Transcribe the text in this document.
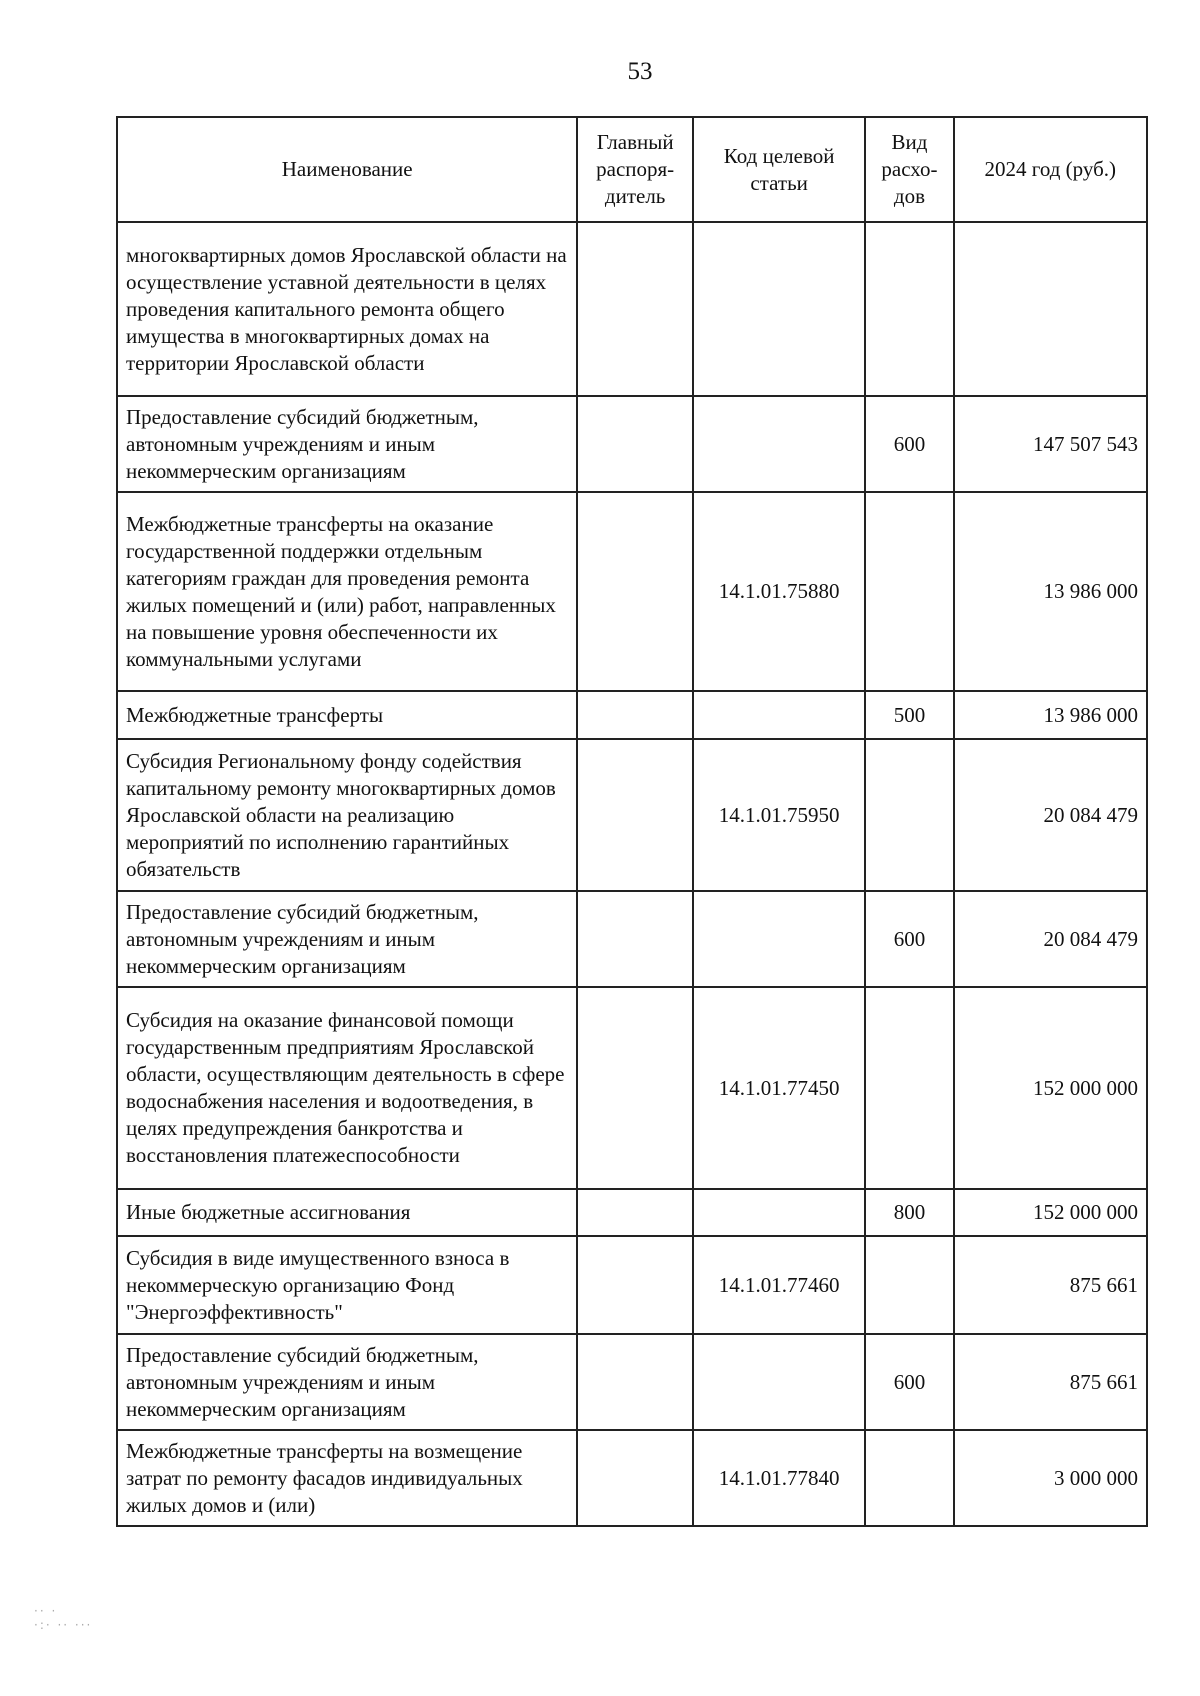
53
Наименование	Главный распоря-дитель	Код целевой статьи	Вид расхо-дов	2024 год (руб.)
многоквартирных домов Ярославской области на осуществление уставной деятельности в целях проведения капитального ремонта общего имущества в многоквартирных домах на территории Ярославской области				
Предоставление субсидий бюджетным, автономным учреждениям и иным некоммерческим организациям			600	147 507 543
Межбюджетные трансферты на оказание государственной поддержки отдельным категориям граждан для проведения ремонта жилых помещений и (или) работ, направленных на повышение уровня обеспеченности их коммунальными услугами		14.1.01.75880		13 986 000
Межбюджетные трансферты			500	13 986 000
Субсидия Региональному фонду содействия капитальному ремонту многоквартирных домов Ярославской области на реализацию мероприятий по исполнению гарантийных обязательств		14.1.01.75950		20 084 479
Предоставление субсидий бюджетным, автономным учреждениям и иным некоммерческим организациям			600	20 084 479
Субсидия на оказание финансовой помощи государственным предприятиям Ярославской области, осуществляющим деятельность в сфере водоснабжения населения и водоотведения, в целях предупреждения банкротства и восстановления платежеспособности		14.1.01.77450		152 000 000
Иные бюджетные ассигнования			800	152 000 000
Субсидия в виде имущественного взноса в некоммерческую организацию Фонд "Энергоэффективность"		14.1.01.77460		875 661
Предоставление субсидий бюджетным, автономным учреждениям и иным некоммерческим организациям			600	875 661
Межбюджетные трансферты на возмещение затрат по ремонту фасадов индивидуальных жилых домов и (или)		14.1.01.77840		3 000 000
·· ·
·:· ·· ···
